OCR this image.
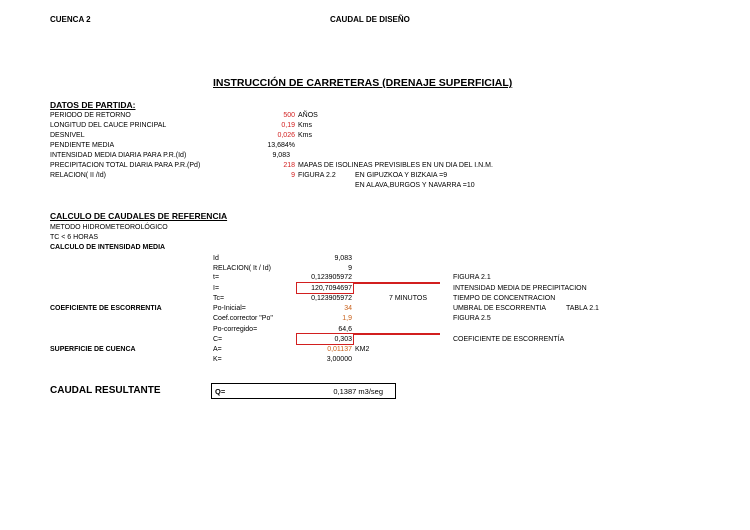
CUENCA 2	CAUDAL DE DISEÑO
INSTRUCCIÓN DE CARRETERAS (DRENAJE SUPERFICIAL)
DATOS DE PARTIDA:
PERIODO DE RETORNO	500 AÑOS
LONGITUD DEL CAUCE PRINCIPAL	0,19 Kms
DESNIVEL	0,026 Kms
PENDIENTE MEDIA	13,684%
INTENSIDAD MEDIA DIARIA PARA P.R.(Id)	9,083
PRECIPITACION TOTAL DIARIA PARA P.R.(Pd)	218 MAPAS DE ISOLINEAS PREVISIBLES EN UN DIA DEL I.N.M.
RELACION( II /Id)	9 FIGURA 2.2	EN GIPUZKOA Y BIZKAIA =9
EN ALAVA,BURGOS Y NAVARRA =10
CALCULO DE CAUDALES DE REFERENCIA
METODO HIDROMETEOROLÓGICO
TC < 6 HORAS
CALCULO DE INTENSIDAD MEDIA
Id	9,083
RELACION( It / Id)	9
t=	0,123905972	FIGURA 2.1
I=	120,7094697	INTENSIDAD MEDIA DE PRECIPITACION
Tc=	0,123905972	7 MINUTOS	TIEMPO DE CONCENTRACION
COEFICIENTE DE ESCORRENTIA	Po-Inicial=	34	UMBRAL DE ESCORRENTIA	TABLA 2.1
Coef.corrector "Po"	1,9	FIGURA 2.5
Po-corregido=	64,6
C=	0,303	COEFICIENTE DE ESCORRENTÍA
SUPERFICIE DE CUENCA	A=	0,01137 KM2
K=	3,00000
CAUDAL RESULTANTE	Q=	0,1387 m3/seg
